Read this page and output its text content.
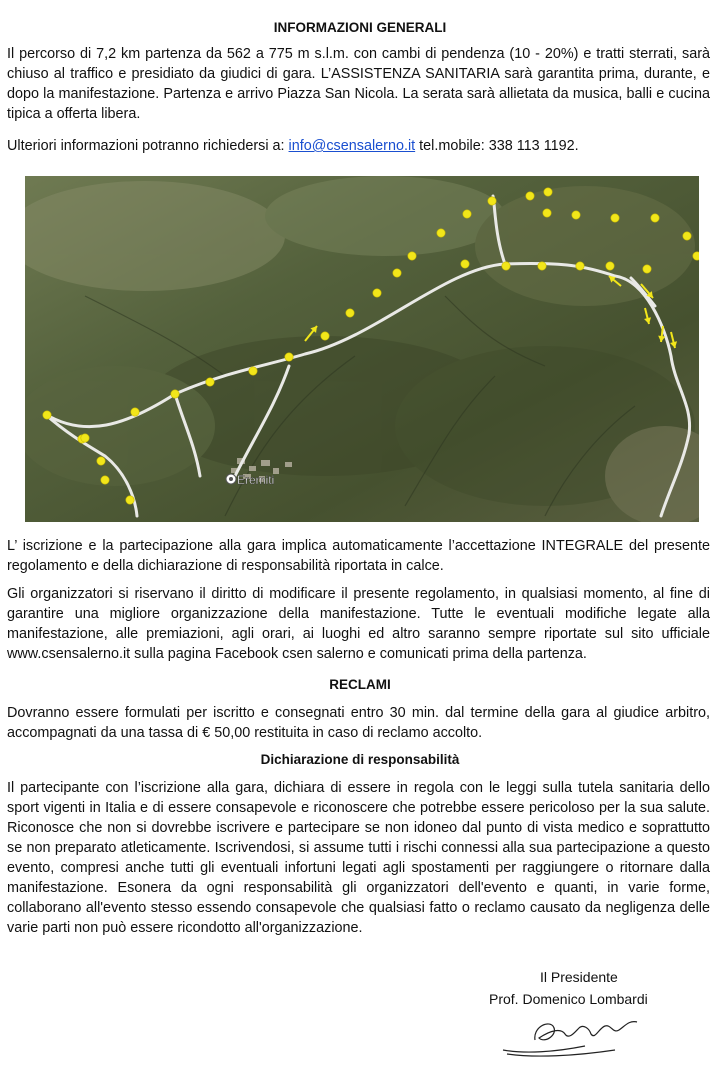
INFORMAZIONI GENERALI
Il percorso di 7,2 km partenza da 562 a 775 m s.l.m. con cambi di pendenza (10 - 20%) e tratti sterrati, sarà chiuso al traffico e presidiato da giudici di gara. L’ASSISTENZA SANITARIA sarà garantita prima, durante, e dopo la manifestazione. Partenza e arrivo Piazza San Nicola. La serata sarà allietata da musica, balli e cucina tipica a offerta libera.
Ulteriori informazioni potranno richiedersi a: info@csensalerno.it tel.mobile: 338 113 1192.
Eremiti
L’ iscrizione e la partecipazione alla gara implica automaticamente l’accettazione INTEGRALE del presente regolamento e della dichiarazione di responsabilità riportata in calce.
Gli organizzatori si riservano il diritto di modificare il presente regolamento, in qualsiasi momento, al fine di garantire una migliore organizzazione della manifestazione. Tutte le eventuali modifiche legate alla manifestazione, alle premiazioni, agli orari, ai luoghi ed altro saranno sempre riportate sul sito ufficiale www.csensalerno.it sulla pagina Facebook csen salerno e comunicati prima della partenza.
RECLAMI
Dovranno essere formulati per iscritto e consegnati entro 30 min. dal termine della gara al giudice arbitro, accompagnati da una tassa di € 50,00 restituita in caso di reclamo accolto.
Dichiarazione di responsabilità
Il partecipante con l’iscrizione alla gara, dichiara di essere in regola con le leggi sulla tutela sanitaria dello sport vigenti in Italia e di essere consapevole e riconoscere che potrebbe essere pericoloso per la sua salute. Riconosce che non si dovrebbe iscrivere e partecipare se non idoneo dal punto di vista medico e soprattutto se non preparato atleticamente. Iscrivendosi, si assume tutti i rischi connessi alla sua partecipazione a questo evento, compresi anche tutti gli eventuali infortuni legati agli spostamenti per raggiungere o ritornare dalla manifestazione. Esonera da ogni responsabilità gli organizzatori dell'evento e quanti, in varie forme, collaborano all'evento stesso essendo consapevole che qualsiasi fatto o reclamo causato da negligenza delle varie parti non può essere ricondotto all'organizzazione.
Il Presidente
Prof. Domenico Lombardi
